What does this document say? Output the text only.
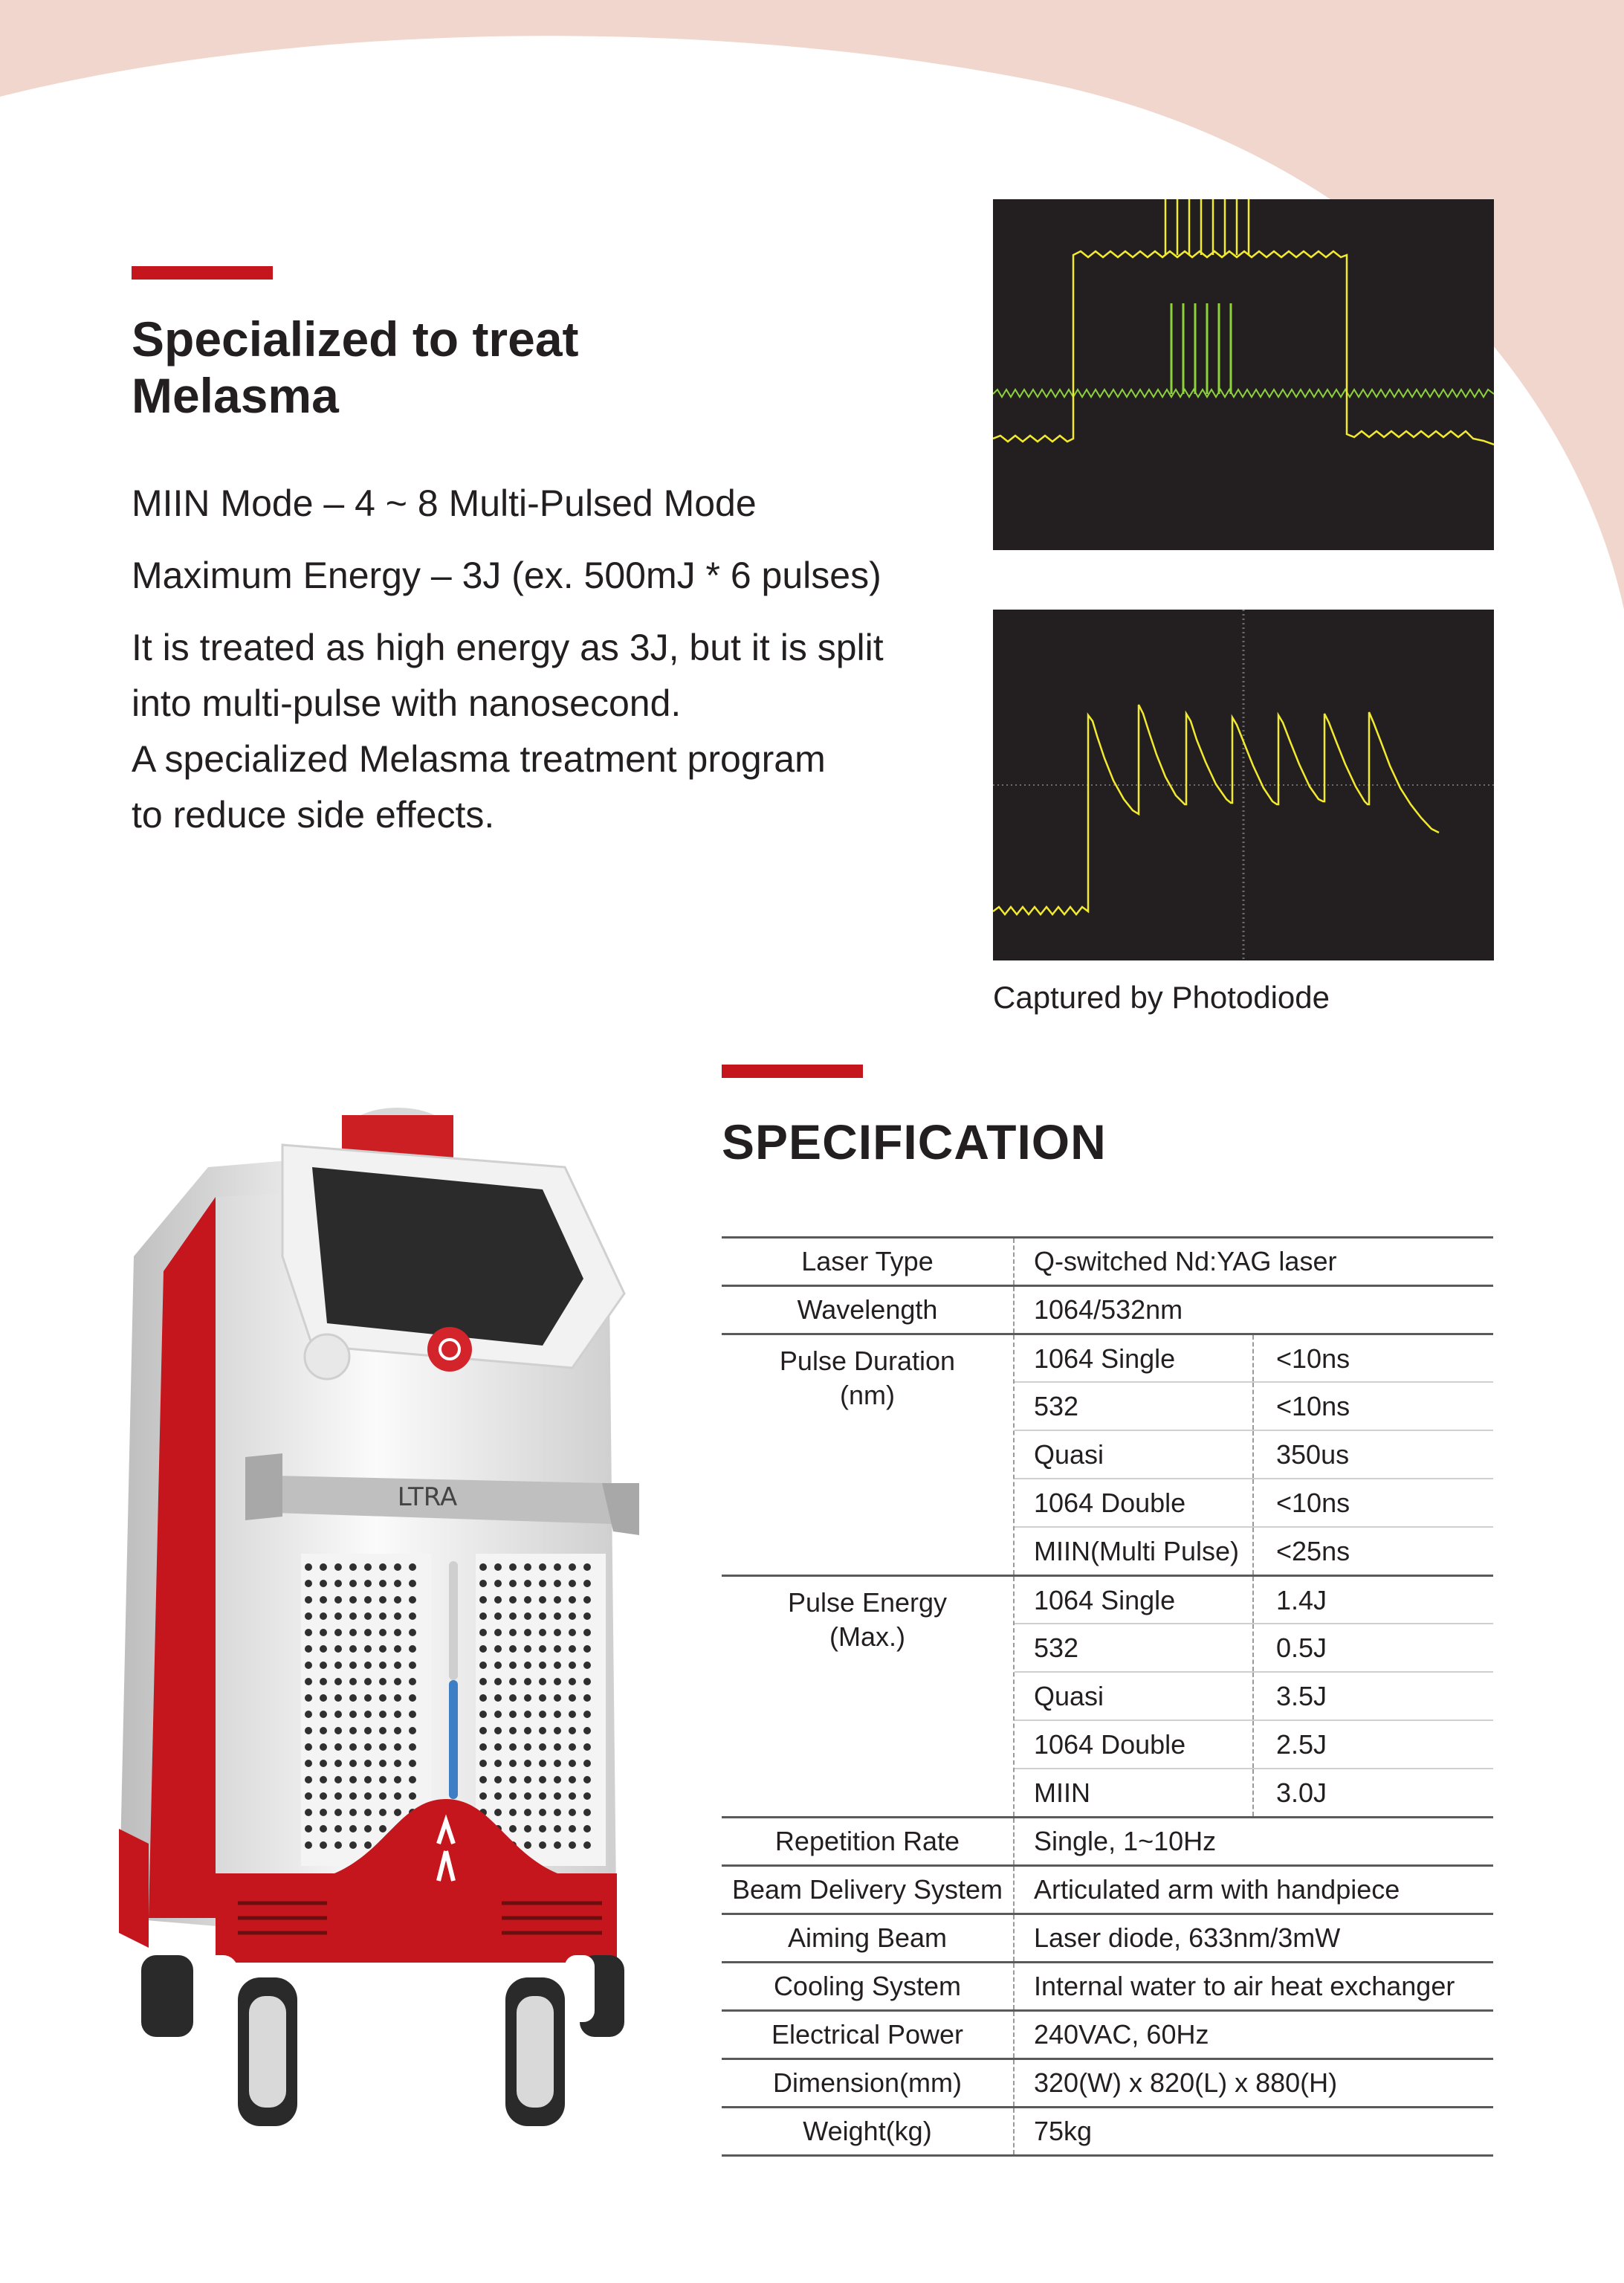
Specialized to treat
Melasma

MIIN Mode – 4 ~ 8 Multi-Pulsed Mode

Maximum Energy – 3J (ex. 500mJ * 6 pulses)

It is treated as high energy as 3J, but it is split
into multi-pulse with nanosecond.
A specialized Melasma treatment program
to reduce side effects.
Captured by Photodiode
LTRA
SPECIFICATION
Laser Type	Q-switched Nd:YAG laser
Wavelength	1064/532nm
Pulse Duration
(nm)
1064 Single	<10ns
532	<10ns
Quasi	350us
1064 Double	<10ns
MIIN(Multi Pulse)	<25ns
Pulse Energy
(Max.)
1064 Single	1.4J
532	0.5J
Quasi	3.5J
1064 Double	2.5J
MIIN	3.0J
Repetition Rate	Single, 1~10Hz
Beam Delivery System	Articulated arm with handpiece
Aiming Beam	Laser diode, 633nm/3mW
Cooling System	Internal water to air heat exchanger
Electrical Power	240VAC, 60Hz
Dimension(mm)	320(W) x 820(L) x 880(H)
Weight(kg)	75kg
